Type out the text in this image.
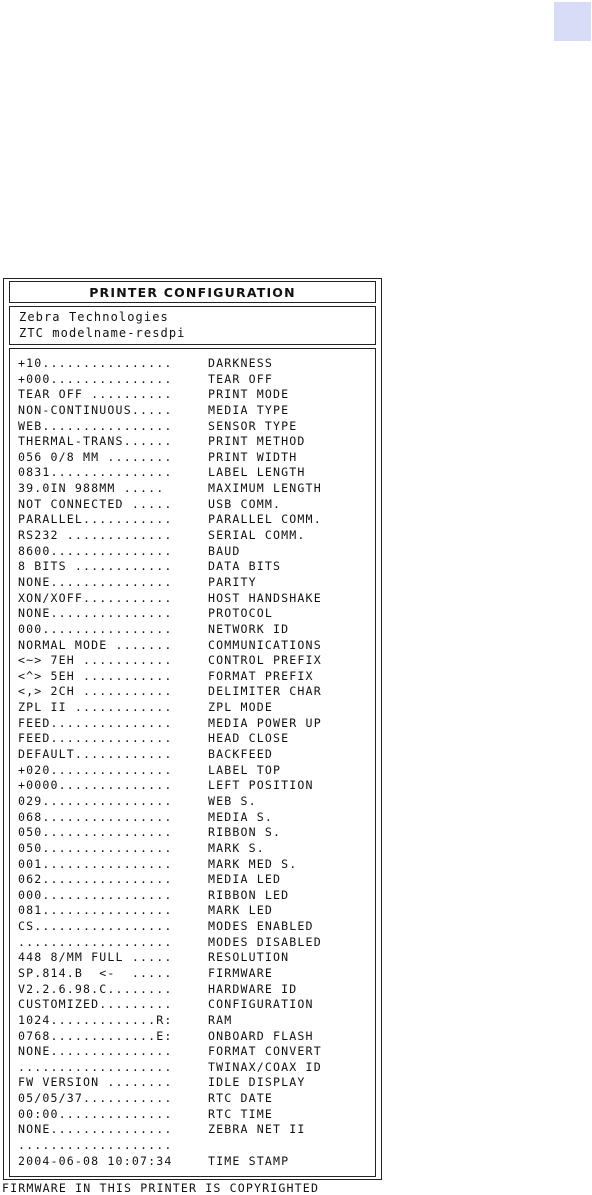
PRINTER CONFIGURATION
Zebra Technologies
ZTC modelname-resdpi
+10................	DARKNESS
+000...............	TEAR OFF
TEAR OFF ..........	PRINT MODE
NON-CONTINUOUS.....	MEDIA TYPE
WEB................	SENSOR TYPE
THERMAL-TRANS......	PRINT METHOD
056 0/8 MM ........	PRINT WIDTH
0831...............	LABEL LENGTH
39.0IN 988MM .....	MAXIMUM LENGTH
NOT CONNECTED .....	USB COMM.
PARALLEL...........	PARALLEL COMM.
RS232 .............	SERIAL COMM.
8600...............	BAUD
8 BITS ............	DATA BITS
NONE...............	PARITY
XON/XOFF...........	HOST HANDSHAKE
NONE...............	PROTOCOL
000................	NETWORK ID
NORMAL MODE .......	COMMUNICATIONS
<~> 7EH ...........	CONTROL PREFIX
<^> 5EH ...........	FORMAT PREFIX
<,> 2CH ...........	DELIMITER CHAR
ZPL II ............	ZPL MODE
FEED...............	MEDIA POWER UP
FEED...............	HEAD CLOSE
DEFAULT............	BACKFEED
+020...............	LABEL TOP
+0000..............	LEFT POSITION
029................	WEB S.
068................	MEDIA S.
050................	RIBBON S.
050................	MARK S.
001................	MARK MED S.
062................	MEDIA LED
000................	RIBBON LED
081................	MARK LED
CS.................	MODES ENABLED
...................	MODES DISABLED
448 8/MM FULL .....	RESOLUTION
SP.814.B  <-  .....	FIRMWARE
V2.2.6.98.C........	HARDWARE ID
CUSTOMIZED.........	CONFIGURATION
1024.............R:	RAM
0768.............E:	ONBOARD FLASH
NONE...............	FORMAT CONVERT
...................	TWINAX/COAX ID
FW VERSION ........	IDLE DISPLAY
05/05/37...........	RTC DATE
00:00..............	RTC TIME
NONE...............	ZEBRA NET II
...................
2004-06-08 10:07:34	TIME STAMP
FIRMWARE IN THIS PRINTER IS COPYRIGHTED
